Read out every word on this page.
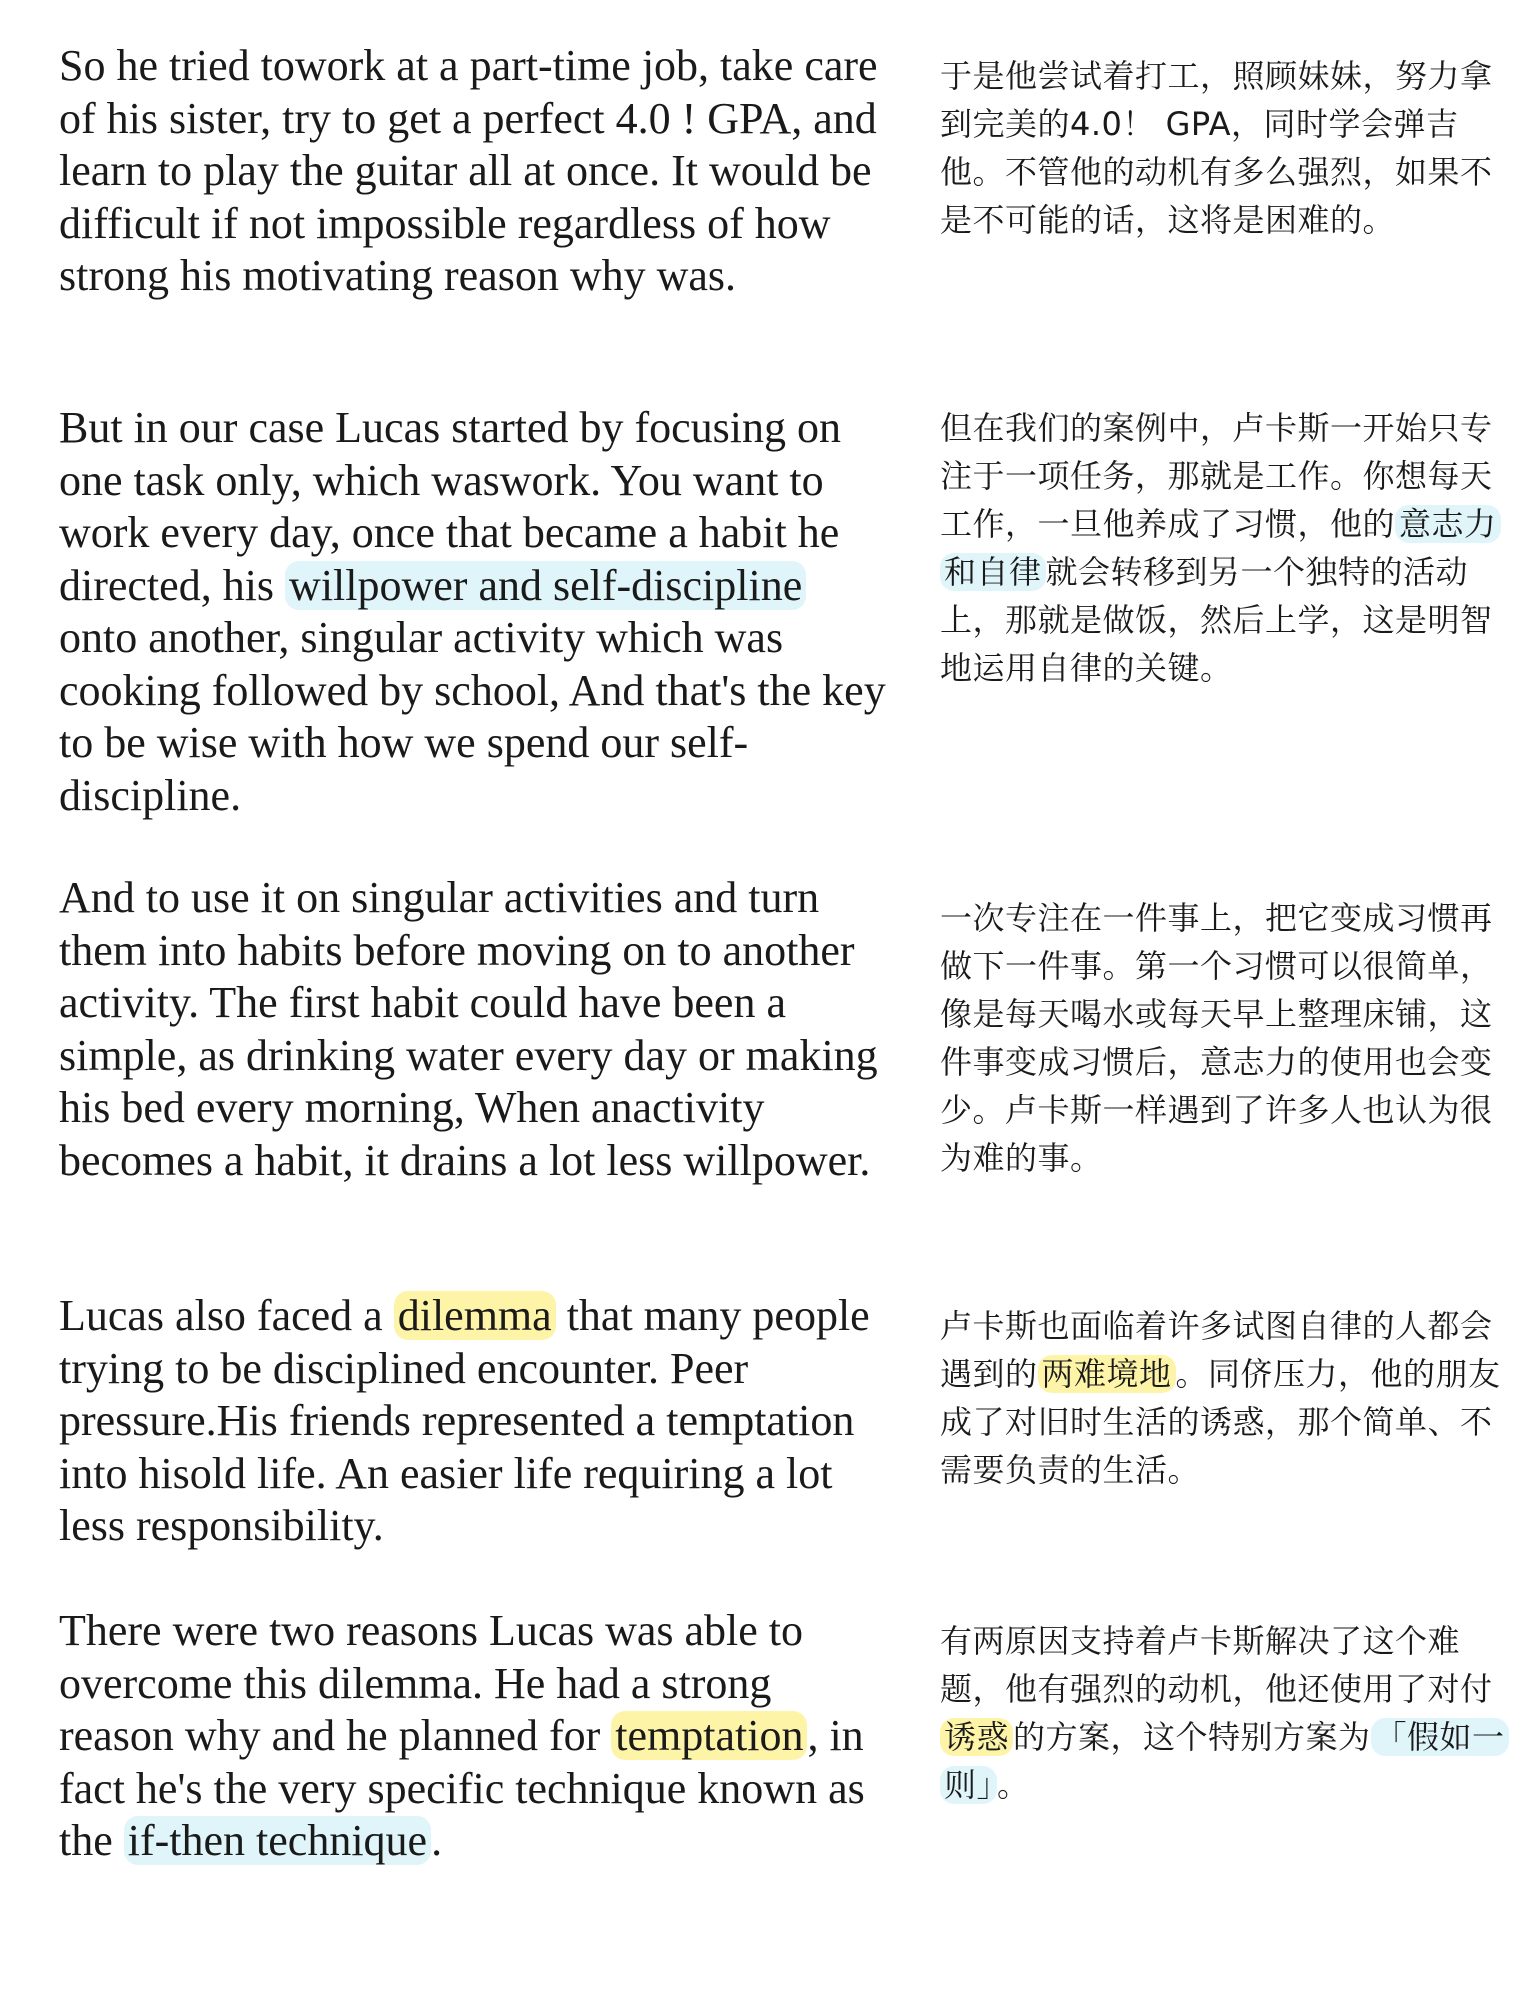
So he tried towork at a part-time job, take care of his sister, try to get a perfect 4.0 ! GPA, and learn to play the guitar all at once. It would be difficult if not impossible regardless of how strong his motivating reason why was.

于是他尝试着打工，照顾妹妹，努力拿到完美的4.0！ GPA，同时学会弹吉他。不管他的动机有多么强烈，如果不是不可能的话，这将是困难的。

But in our case Lucas started by focusing on one task only, which waswork. You want to work every day, once that became a habit he directed, his willpower and self-discipline onto another, singular activity which was cooking followed by school, And that's the key to be wise with how we spend our self-discipline.

但在我们的案例中，卢卡斯一开始只专注于一项任务，那就是工作。你想每天工作，一旦他养成了习惯，他的 意志力和自律 就会转移到另一个独特的活动上，那就是做饭，然后上学，这是明智地运用自律的关键。

And to use it on singular activities and turn them into habits before moving on to another activity. The first habit could have been a simple, as drinking water every day or making his bed every morning, When anactivity becomes a habit, it drains a lot less willpower.

一次专注在一件事上，把它变成习惯再做下一件事。第一个习惯可以很简单，像是每天喝水或每天早上整理床铺，这件事变成习惯后，意志力的使用也会变少。卢卡斯一样遇到了许多人也认为很为难的事。

Lucas also faced a dilemma that many people trying to be disciplined encounter. Peer pressure.His friends represented a temptation into hisold life. An easier life requiring a lot less responsibility.

卢卡斯也面临着许多试图自律的人都会遇到的 两难境地 。同侪压力，他的朋友成了对旧时生活的诱惑，那个简单、不需要负责的生活。

There were two reasons Lucas was able to overcome this dilemma. He had a strong reason why and he planned for temptation, in fact he's the very specific technique known as the if-then technique.

有两原因支持着卢卡斯解决了这个难题，他有强烈的动机，他还使用了对付诱惑 的方案，这个特别方案为 「假如一则」 。
